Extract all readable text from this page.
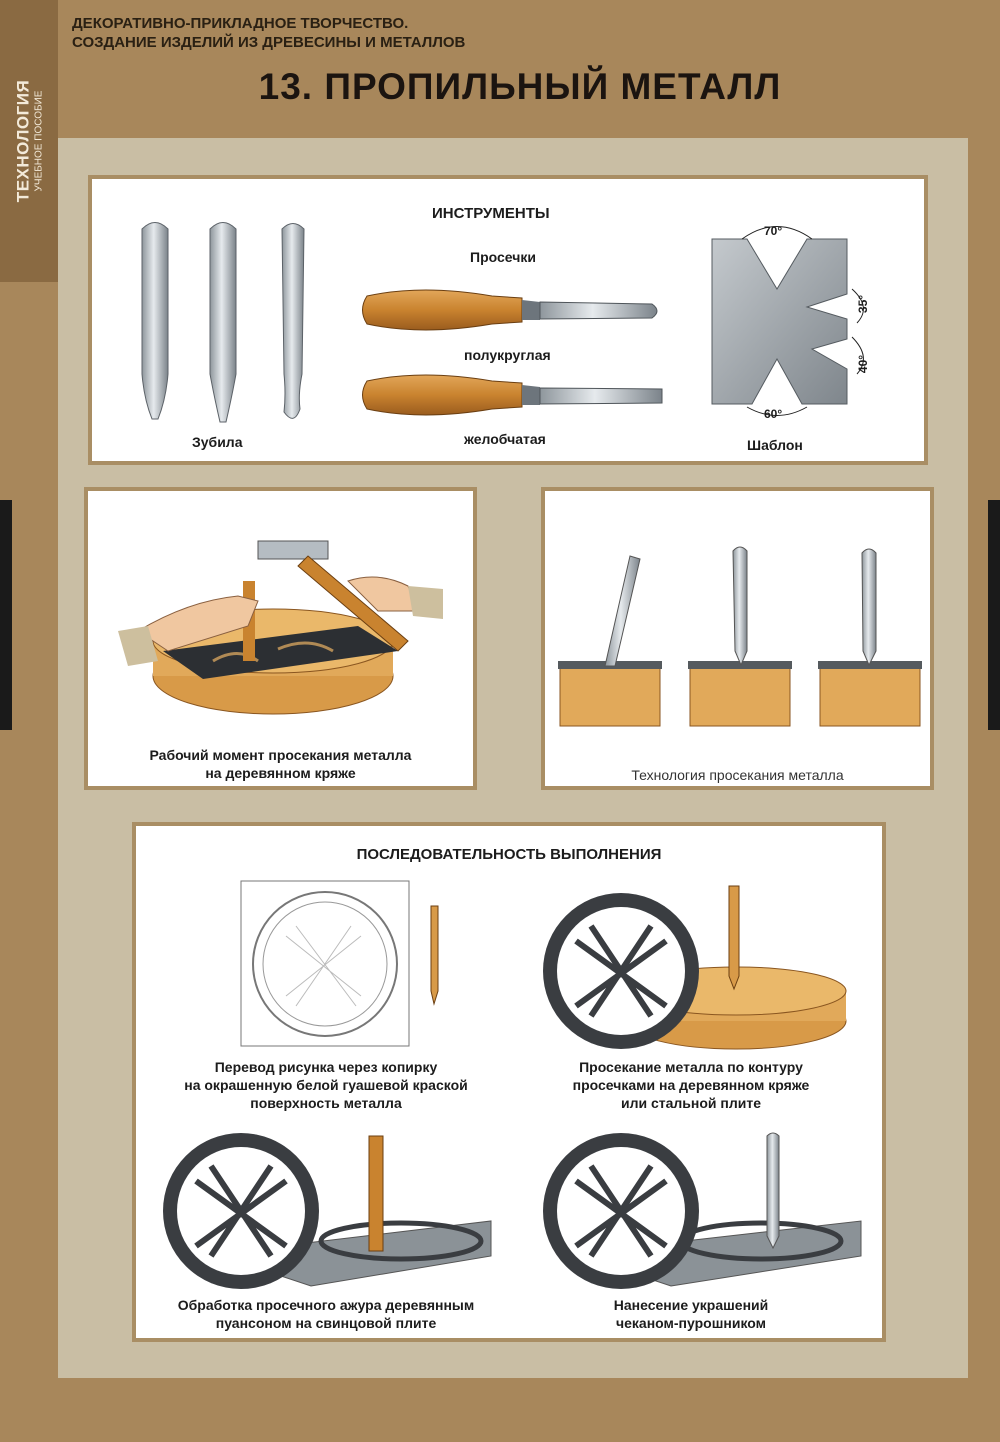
ТЕХНОЛОГИЯ УЧЕБНОЕ ПОСОБИЕ
ДЕКОРАТИВНО-ПРИКЛАДНОЕ ТВОРЧЕСТВО.
СОЗДАНИЕ ИЗДЕЛИЙ ИЗ ДРЕВЕСИНЫ И МЕТАЛЛОВ
13. ПРОПИЛЬНЫЙ МЕТАЛЛ
ИНСТРУМЕНТЫ
Зубила
Просечки
полукруглая
желобчатая
70°
35°
40°
60°
Шаблон
Рабочий момент просекания металла
на деревянном кряже	Технология просекания металла
ПОСЛЕДОВАТЕЛЬНОСТЬ ВЫПОЛНЕНИЯ
Перевод рисунка через копирку
на окрашенную белой гуашевой краской
поверхность металла
Просекание металла по контуру
просечками на деревянном кряже
или стальной плите
Обработка просечного ажура деревянным
пуансоном на свинцовой плите
Нанесение украшений
чеканом-пурошником
